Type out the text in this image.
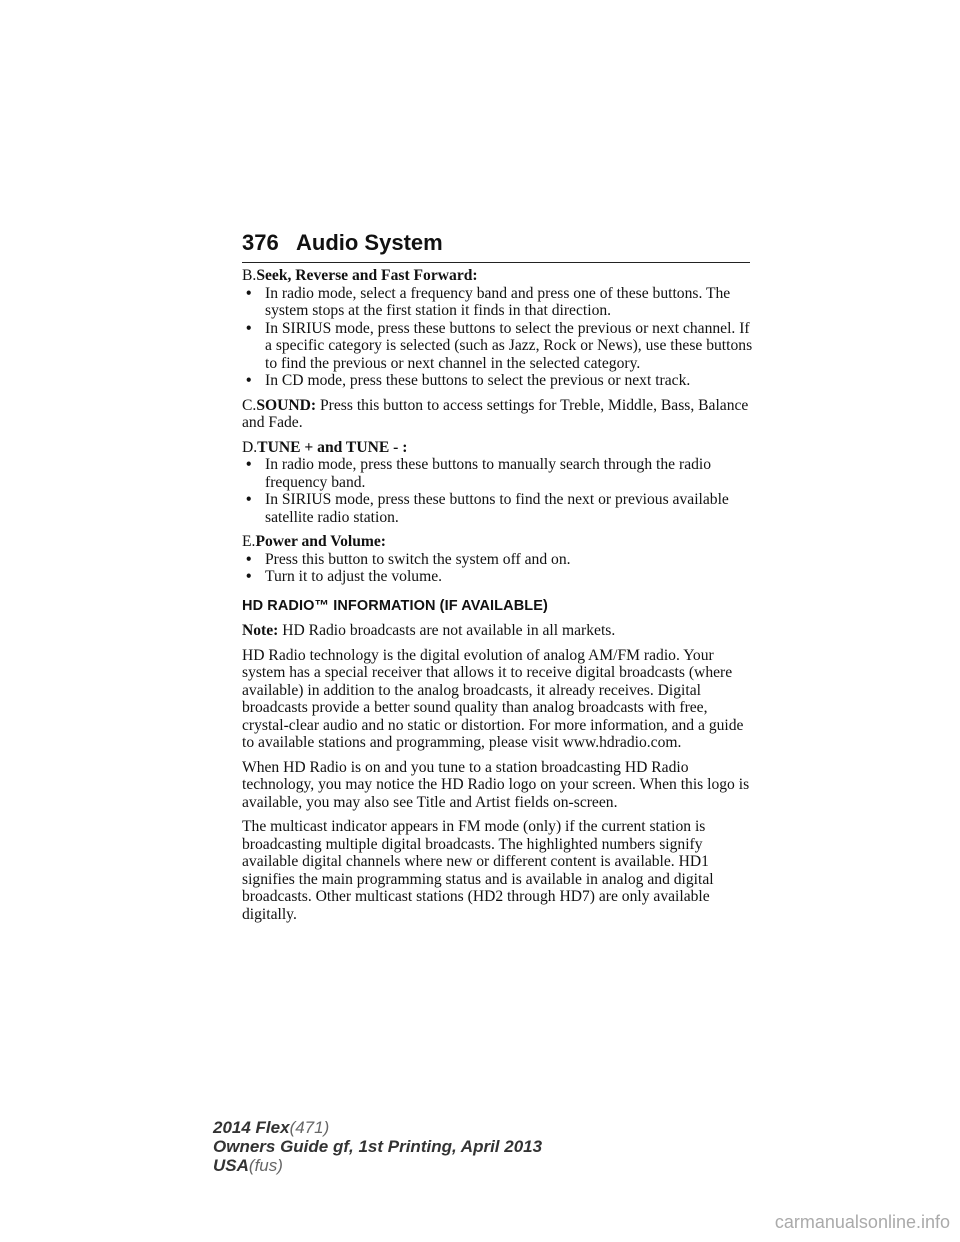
376 Audio System

B.Seek, Reverse and Fast Forward:

• In radio mode, select a frequency band and press one of these buttons. The system stops at the first station it finds in that direction.
• In SIRIUS mode, press these buttons to select the previous or next channel. If a specific category is selected (such as Jazz, Rock or News), use these buttons to find the previous or next channel in the selected category.
• In CD mode, press these buttons to select the previous or next track.

C.SOUND: Press this button to access settings for Treble, Middle, Bass, Balance and Fade.

D.TUNE + and TUNE - :

• In radio mode, press these buttons to manually search through the radio frequency band.
• In SIRIUS mode, press these buttons to find the next or previous available satellite radio station.

E.Power and Volume:

• Press this button to switch the system off and on.
• Turn it to adjust the volume.

HD RADIO™ INFORMATION (IF AVAILABLE)

Note: HD Radio broadcasts are not available in all markets.

HD Radio technology is the digital evolution of analog AM/FM radio. Your system has a special receiver that allows it to receive digital broadcasts (where available) in addition to the analog broadcasts, it already receives. Digital broadcasts provide a better sound quality than analog broadcasts with free, crystal-clear audio and no static or distortion. For more information, and a guide to available stations and programming, please visit www.hdradio.com.

When HD Radio is on and you tune to a station broadcasting HD Radio technology, you may notice the HD Radio logo on your screen. When this logo is available, you may also see Title and Artist fields on-screen.

The multicast indicator appears in FM mode (only) if the current station is broadcasting multiple digital broadcasts. The highlighted numbers signify available digital channels where new or different content is available. HD1 signifies the main programming status and is available in analog and digital broadcasts. Other multicast stations (HD2 through HD7) are only available digitally.

2014 Flex(471)
Owners Guide gf, 1st Printing, April 2013
USA(fus)
carmanualsonline.info
